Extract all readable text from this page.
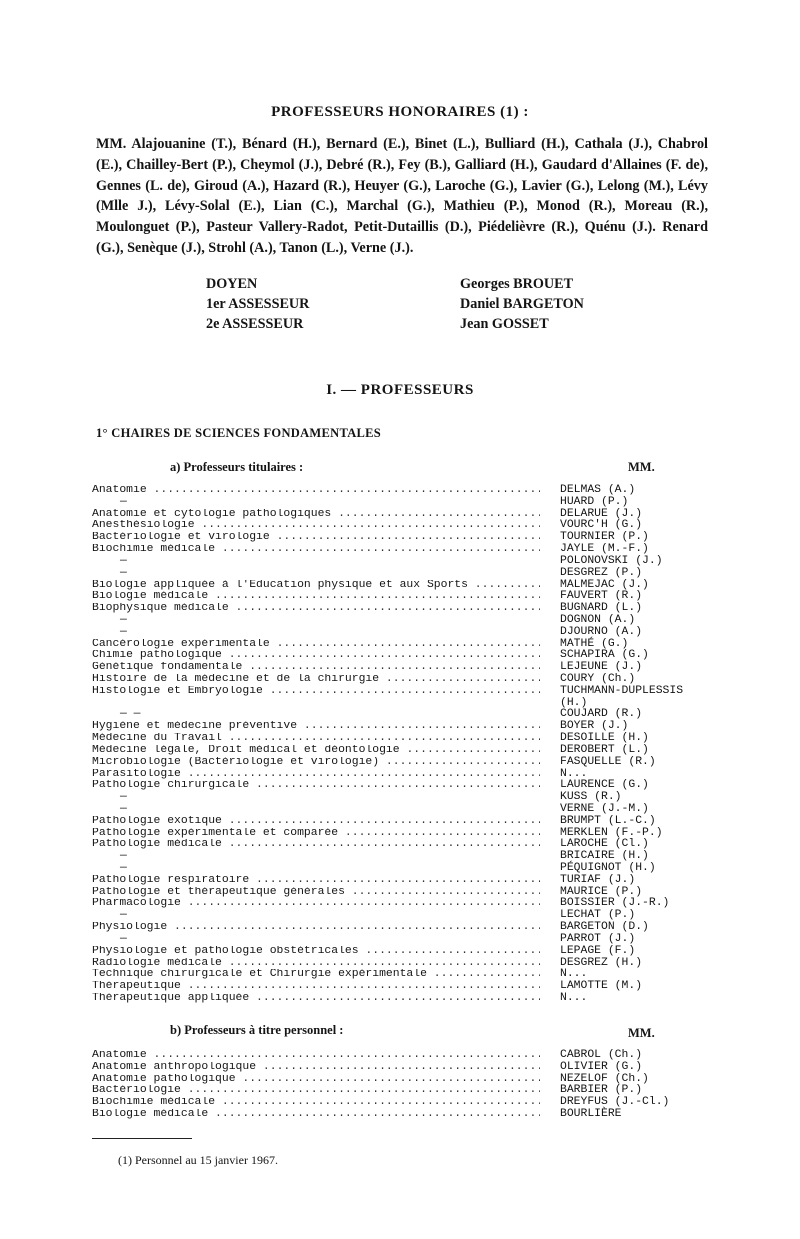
PROFESSEURS HONORAIRES (1) :
MM. Alajouanine (T.), Bénard (H.), Bernard (E.), Binet (L.), Bulliard (H.), Cathala (J.), Chabrol (E.), Chailley-Bert (P.), Cheymol (J.), Debré (R.), Fey (B.), Galliard (H.), Gaudard d'Allaines (F. de), Gennes (L. de), Giroud (A.), Hazard (R.), Heuyer (G.), Laroche (G.), Lavier (G.), Lelong (M.), Lévy (Mlle J.), Lévy-Solal (E.), Lian (C.), Marchal (G.), Mathieu (P.), Monod (R.), Moreau (R.), Moulonguet (P.), Pasteur Vallery-Radot, Petit-Dutaillis (D.), Piédelièvre (R.), Quénu (J.). Renard (G.), Senèque (J.), Strohl (A.), Tanon (L.), Verne (J.).
DOYEN	Georges BROUET
1er ASSESSEUR	Daniel BARGETON
2e ASSESSEUR	Jean GOSSET
I. — PROFESSEURS
1° CHAIRES DE SCIENCES FONDAMENTALES
a) Professeurs titulaires :	MM.
Anatomie .....	DELMAS (A.)
—	HUARD (P.)
Anatomie et cytologie pathologiques .....	DELARUE (J.)
Anesthésiologie .....	VOURC'H (G.)
Bactériologie et virologie .....	TOURNIER (P.)
Biochimie médicale .....	JAYLE (M.-F.)
—	POLONOVSKI (J.)
—	DESGREZ (P.)
Biologie appliquée à l'Education physique et aux Sports .....	MALMEJAC (J.)
Biologie médicale .....	FAUVERT (R.)
Biophysique médicale .....	BUGNARD (L.)
—	DOGNON (A.)
—	DJOURNO (A.)
Cancérologie expérimentale .....	MATHÉ (G.)
Chimie pathologique .....	SCHAPIRA (G.)
Génétique fondamentale .....	LEJEUNE (J.)
Histoire de la médecine et de la chirurgie .....	COURY (Ch.)
Histologie et Embryologie .....	TUCHMANN-DUPLESSIS
(H.)
— —	COUJARD (R.)
Hygiène et médecine préventive .....	BOYER (J.)
Médecine du Travail .....	DESOILLE (H.)
Médecine légale, Droit médical et déontologie .....	DEROBERT (L.)
Microbiologie (Bactériologie et virologie) .....	FASQUELLE (R.)
Parasitologie .....	N...
Pathologie chirurgicale .....	LAURENCE (G.)
—	KUSS (R.)
—	VERNE (J.-M.)
Pathologie exotique .....	BRUMPT (L.-C.)
Pathologie expérimentale et comparée .....	MERKLEN (F.-P.)
Pathologie médicale .....	LAROCHE (Cl.)
—	BRICAIRE (H.)
—	PÉQUIGNOT (H.)
Pathologie respiratoire .....	TURIAF (J.)
Pathologie et thérapeutique générales .....	MAURICE (P.)
Pharmacologie .....	BOISSIER (J.-R.)
—	LECHAT (P.)
Physiologie .....	BARGETON (D.)
—	PARROT (J.)
Physiologie et pathologie obstétricales .....	LEPAGE (F.)
Radiologie médicale .....	DESGREZ (H.)
Technique chirurgicale et Chirurgie expérimentale .....	N...
Thérapeutique .....	LAMOTTE (M.)
Thérapeutique appliquée .....	N...
b) Professeurs à titre personnel :	MM.
Anatomie .....	CABROL (Ch.)
Anatomie anthropologique .....	OLIVIER (G.)
Anatomie pathologique .....	NEZELOF (Ch.)
Bactériologie .....	BARBIER (P.)
Biochimie médicale .....	DREYFUS (J.-Cl.)
Biologie médicale .....	BOURLIÈRE
(1) Personnel au 15 janvier 1967.
